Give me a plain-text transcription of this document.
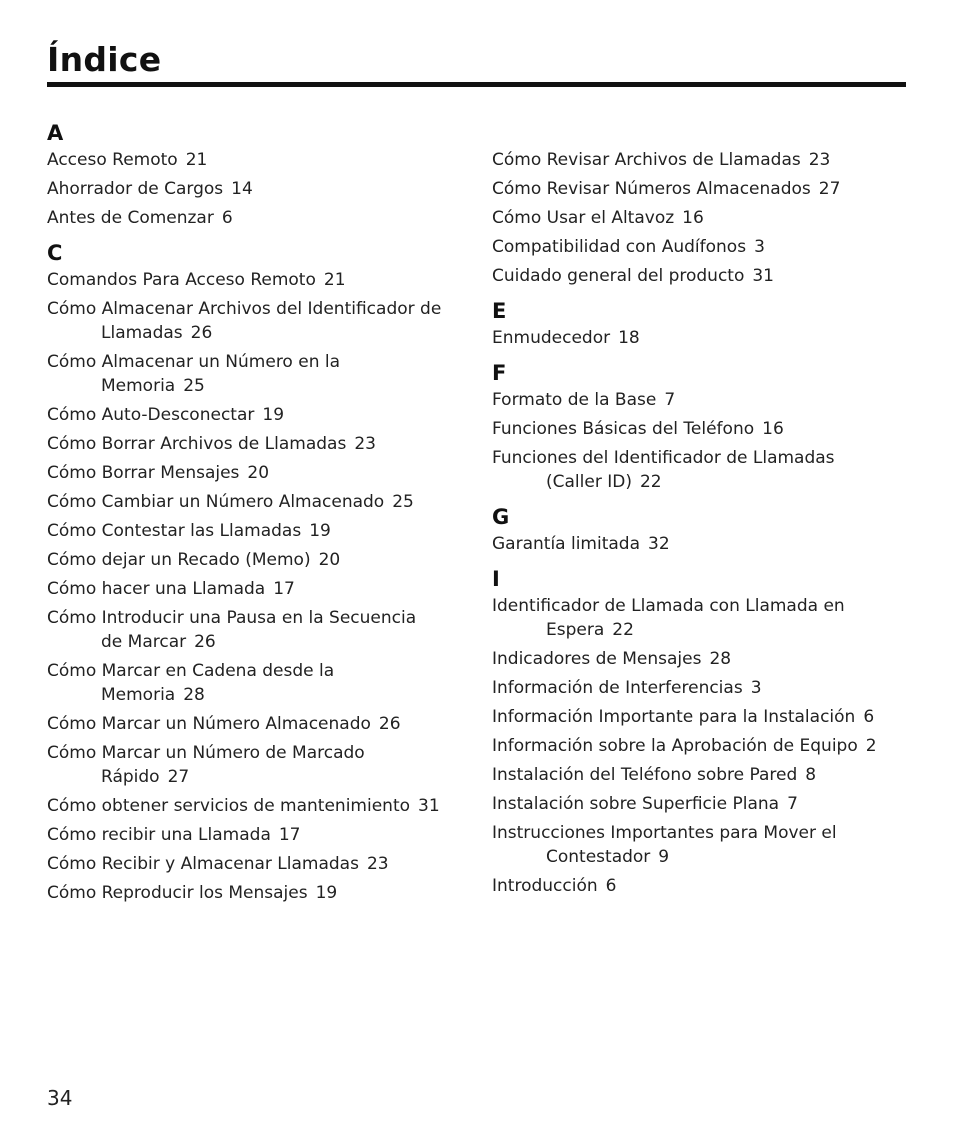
Índice
A
Acceso Remoto 21
Ahorrador de Cargos 14
Antes de Comenzar 6
C
Comandos Para Acceso Remoto 21
Cómo Almacenar Archivos del Identificador de
Llamadas 26
Cómo Almacenar un Número en la
Memoria 25
Cómo Auto-Desconectar 19
Cómo Borrar Archivos de Llamadas 23
Cómo Borrar Mensajes 20
Cómo Cambiar un Número Almacenado 25
Cómo Contestar las Llamadas 19
Cómo dejar un Recado (Memo) 20
Cómo hacer una Llamada 17
Cómo Introducir una Pausa en la Secuencia
de Marcar 26
Cómo Marcar en Cadena desde la
Memoria 28
Cómo Marcar un Número Almacenado 26
Cómo Marcar un Número de Marcado
Rápido 27
Cómo obtener servicios de mantenimiento 31
Cómo recibir una Llamada 17
Cómo Recibir y Almacenar Llamadas 23
Cómo Reproducir los Mensajes 19
Cómo Revisar Archivos de Llamadas 23
Cómo Revisar Números Almacenados 27
Cómo Usar el Altavoz 16
Compatibilidad con Audífonos 3
Cuidado general del producto 31
E
Enmudecedor 18
F
Formato de la Base 7
Funciones Básicas del Teléfono 16
Funciones del Identificador de Llamadas
(Caller ID) 22
G
Garantía limitada 32
I
Identificador de Llamada con Llamada en
Espera 22
Indicadores de Mensajes 28
Información de Interferencias 3
Información Importante para la Instalación 6
Información sobre la Aprobación de Equipo 2
Instalación del Teléfono sobre Pared 8
Instalación sobre Superficie Plana 7
Instrucciones Importantes para Mover el
Contestador 9
Introducción 6
34
